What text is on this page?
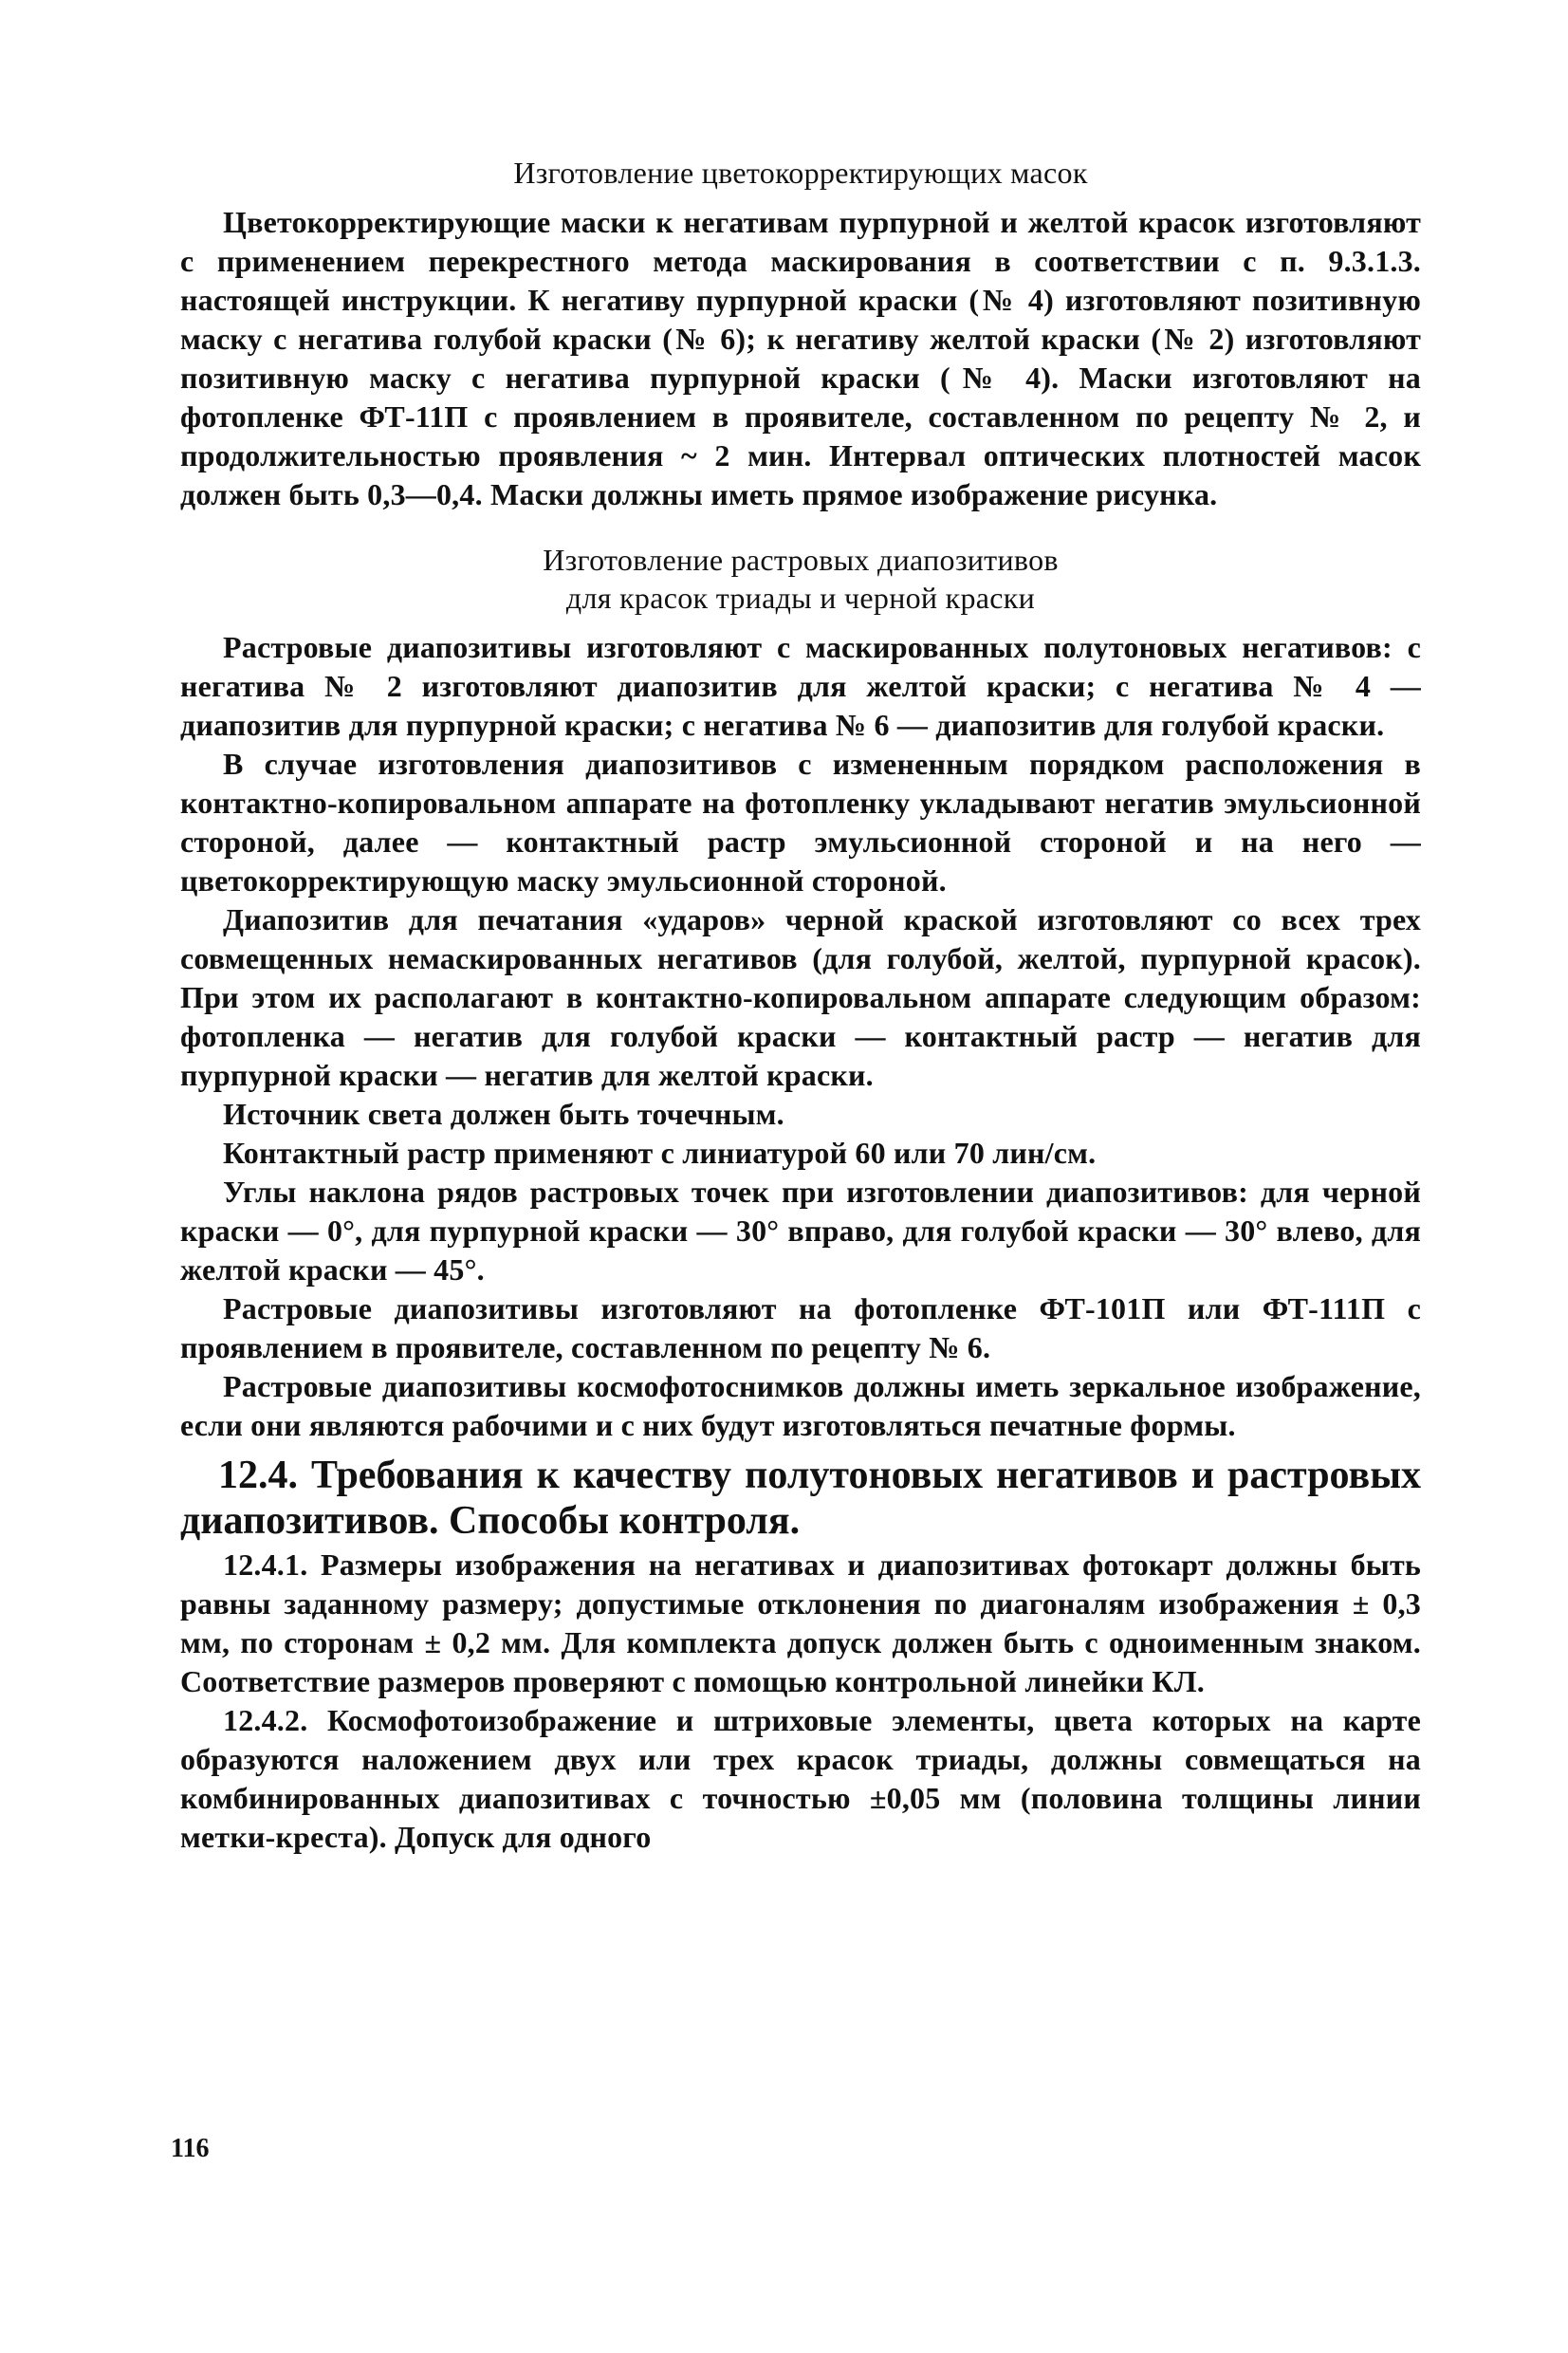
Изготовление цветокорректирующих масок

Цветокорректирующие маски к негативам пурпурной и желтой красок изготовляют с применением перекрестного метода маскирования в соответствии с п. 9.3.1.3. настоящей инструкции. К негативу пурпурной краски (№ 4) изготовляют позитивную маску с негатива голубой краски (№ 6); к негативу желтой краски (№ 2) изготовляют позитивную маску с негатива пурпурной краски (№ 4). Маски изготовляют на фотопленке ФТ-11П с проявлением в проявителе, составленном по рецепту № 2, и продолжительностью проявления ~ 2 мин. Интервал оптических плотностей масок должен быть 0,3—0,4. Маски должны иметь прямое изображение рисунка.

Изготовление растровых диапозитивов
для красок триады и черной краски

Растровые диапозитивы изготовляют с маскированных полутоновых негативов: с негатива № 2 изготовляют диапозитив для желтой краски; с негатива № 4 — диапозитив для пурпурной краски; с негатива № 6 — диапозитив для голубой краски.

В случае изготовления диапозитивов с измененным порядком расположения в контактно-копировальном аппарате на фотопленку укладывают негатив эмульсионной стороной, далее — контактный растр эмульсионной стороной и на него — цветокорректирующую маску эмульсионной стороной.

Диапозитив для печатания «ударов» черной краской изготовляют со всех трех совмещенных немаскированных негативов (для голубой, желтой, пурпурной красок). При этом их располагают в контактно-копировальном аппарате следующим образом: фотопленка — негатив для голубой краски — контактный растр — негатив для пурпурной краски — негатив для желтой краски.

Источник света должен быть точечным.

Контактный растр применяют с линиатурой 60 или 70 лин/см.

Углы наклона рядов растровых точек при изготовлении диапозитивов: для черной краски — 0°, для пурпурной краски — 30° вправо, для голубой краски — 30° влево, для желтой краски — 45°.

Растровые диапозитивы изготовляют на фотопленке ФТ-101П или ФТ-111П с проявлением в проявителе, составленном по рецепту № 6.

Растровые диапозитивы космофотоснимков должны иметь зеркальное изображение, если они являются рабочими и с них будут изготовляться печатные формы.

12.4. Требования к качеству полутоновых негативов и растровых диапозитивов. Способы контроля.

12.4.1. Размеры изображения на негативах и диапозитивах фотокарт должны быть равны заданному размеру; допустимые отклонения по диагоналям изображения ± 0,3 мм, по сторонам ± 0,2 мм. Для комплекта допуск должен быть с одноименным знаком. Соответствие размеров проверяют с помощью контрольной линейки КЛ.

12.4.2. Космофотоизображение и штриховые элементы, цвета которых на карте образуются наложением двух или трех красок триады, должны совмещаться на комбинированных диапозитивах с точностью ±0,05 мм (половина толщины линии метки-креста). Допуск для одного

116
